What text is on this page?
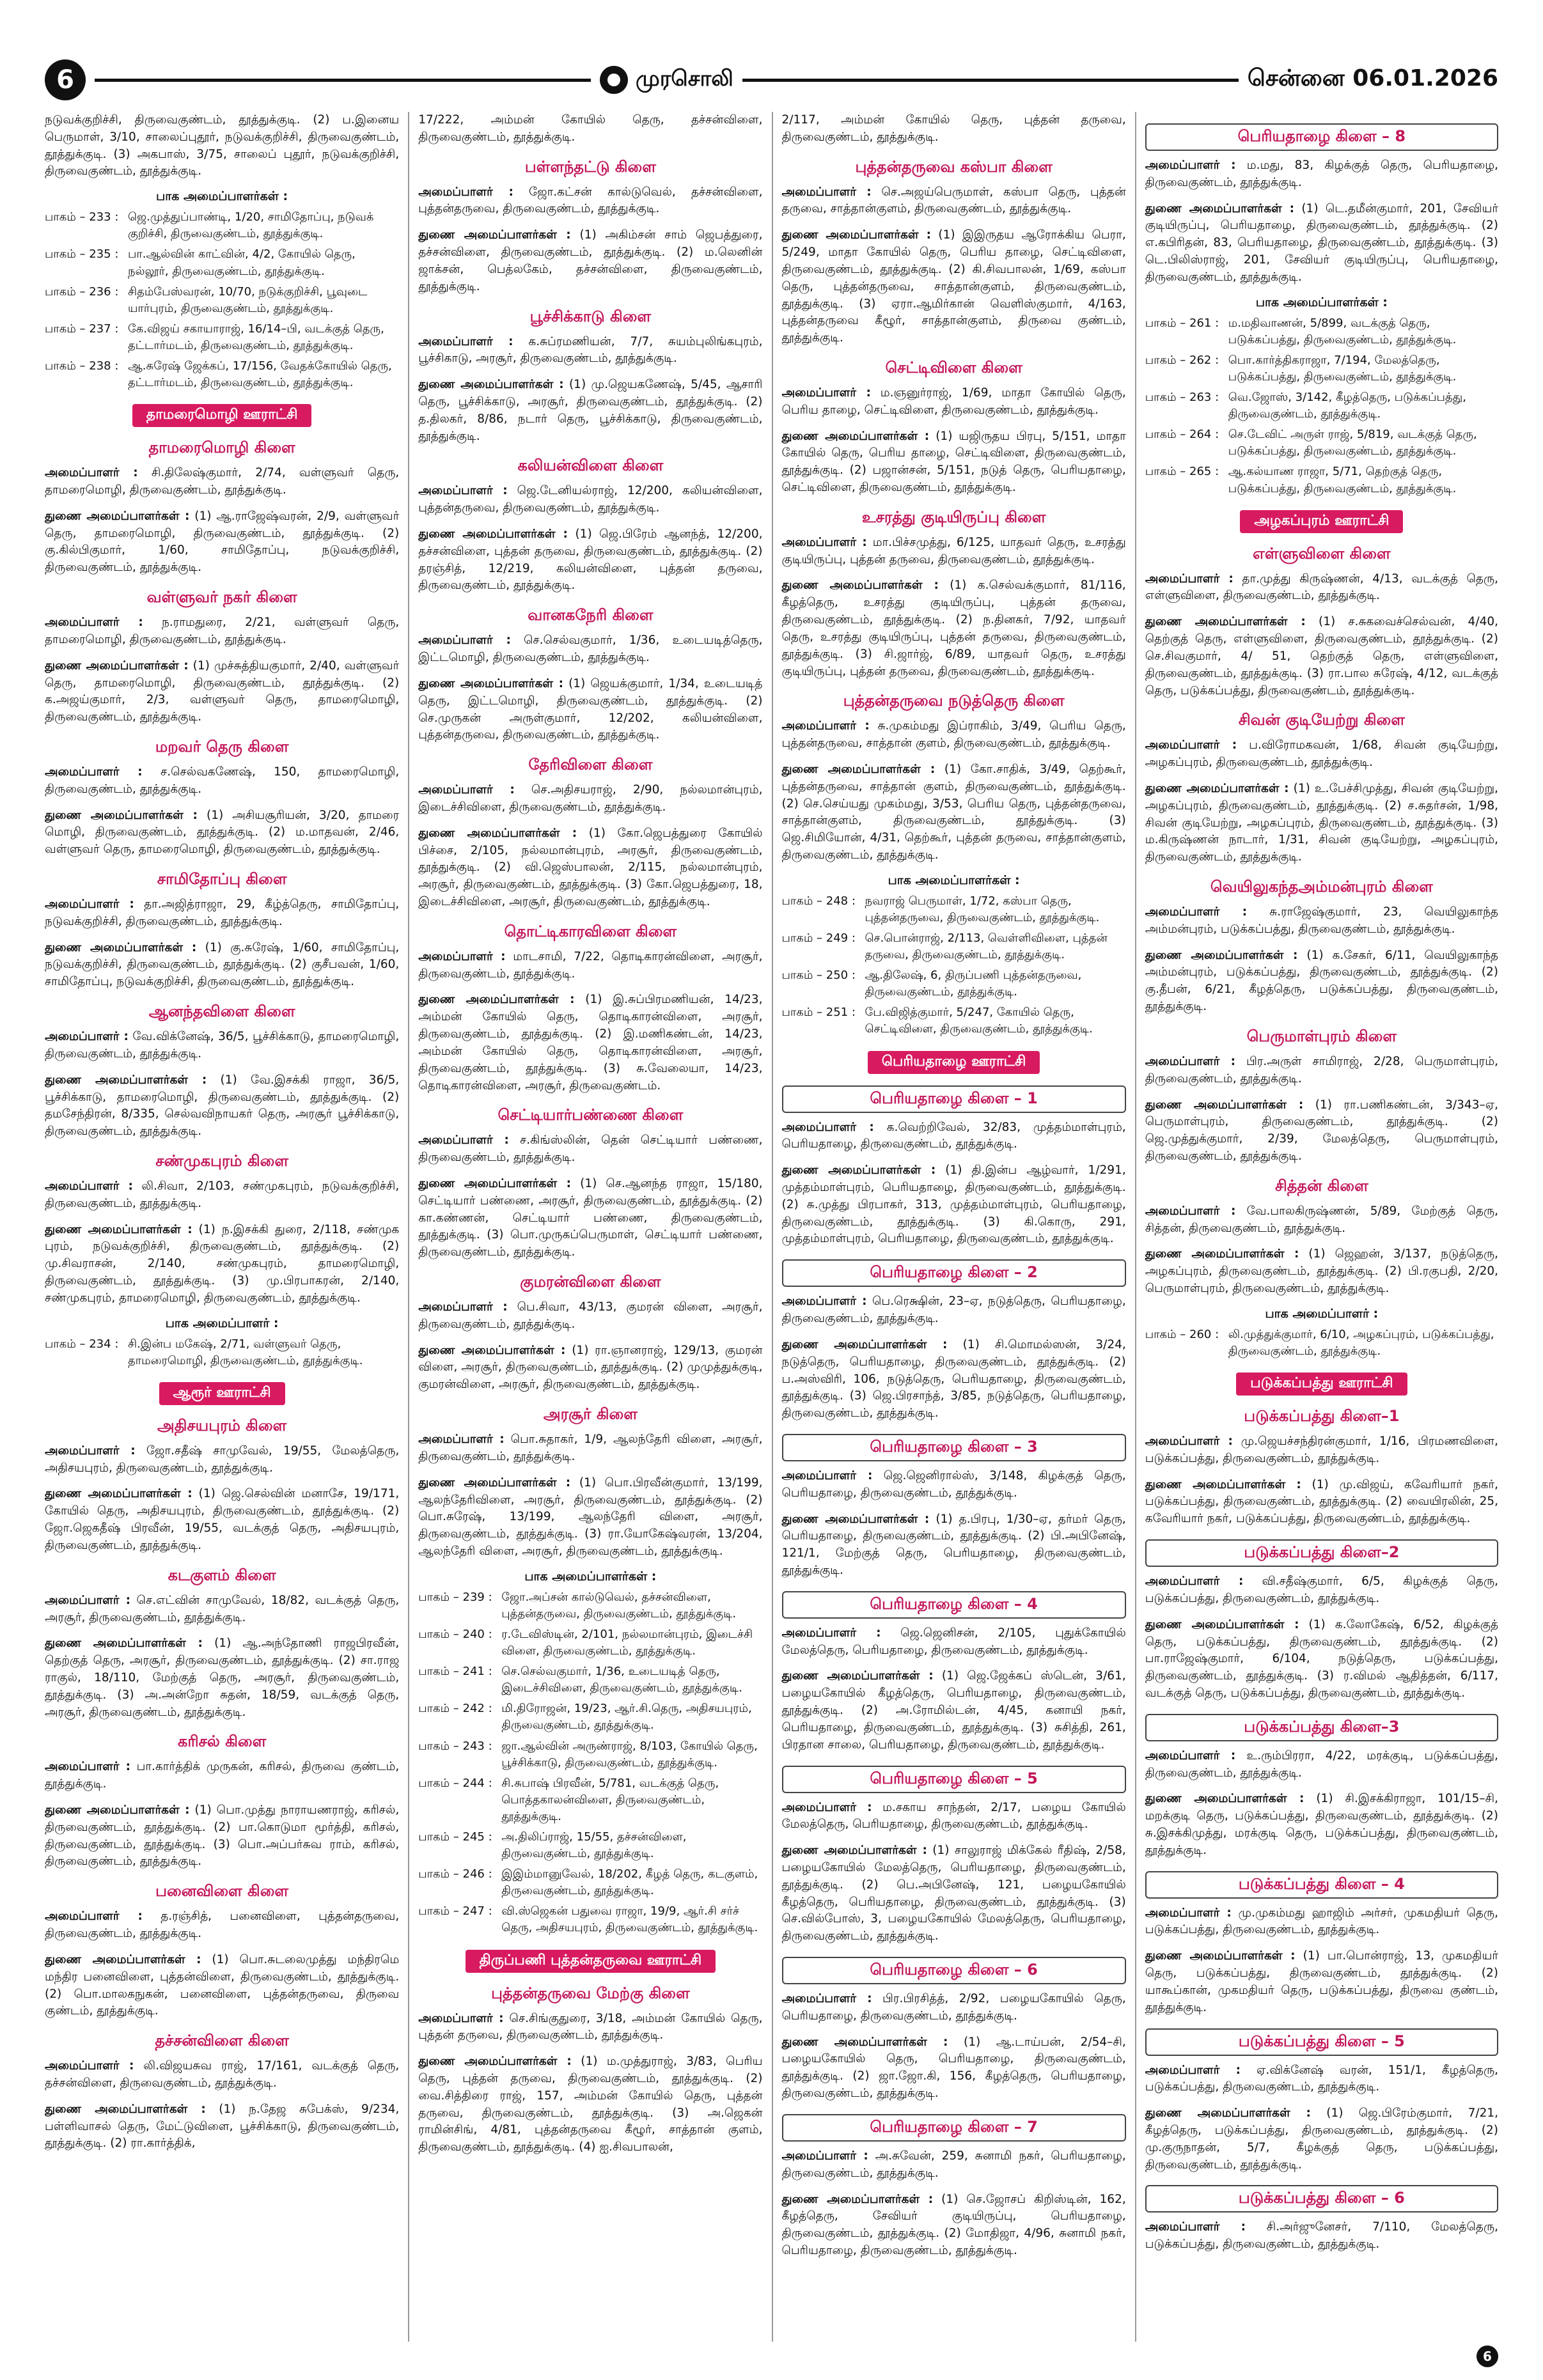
6	முரசொலி	சென்னை 06.01.2026

நடுவக்குறிச்சி, திருவைகுண்டம், தூத்துக்குடி. (2) ப.இனைய பெருமாள், 3/10, சாலைப்புதூர், நடுவக்குறிச்சி, திருவைகுண்டம், தூத்துக்குடி. (3) அகபாஸ், 3/75, சாலைப் புதூர், நடுவக்குறிச்சி, திருவைகுண்டம், தூத்துக்குடி.

பாக அமைப்பாளர்கள் :
பாகம் – 233 : ஜெ.முத்துப்பாண்டி, 1/20, சாமிதோப்பு, நடுவக் குறிச்சி, திருவைகுண்டம், தூத்துக்குடி.
பாகம் – 235 : பா.ஆல்வின் காட்வின், 4/2, கோயில் தெரு, நல்லூர், திருவைகுண்டம், தூத்துக்குடி.
பாகம் – 236 : சிதம்பேஸ்வரன், 10/70, நடுக்குறிச்சி, பூவுடை யார்புரம், திருவைகுண்டம், தூத்துக்குடி.
பாகம் – 237 : கே.விஜய் சகாயாராஜ், 16/14–பி, வடக்குத் தெரு, தட்டார்மடம், திருவைகுண்டம், தூத்துக்குடி.
பாகம் – 238 : ஆ.சுரேஷ் ஜேக்கப், 17/156, வேதக்கோயில் தெரு, தட்டார்மடம், திருவைகுண்டம், தூத்துக்குடி.
தாமரைமொழி ஊராட்சி
தாமரைமொழி கிளை

அமைப்பாளர் : சி.திலேஷ்குமார், 2/74, வள்ளுவர் தெரு, தாமரைமொழி, திருவைகுண்டம், தூத்துக்குடி.

துணை அமைப்பாளர்கள் : (1) ஆ.ராஜேஷ்வரன், 2/9, வள்ளுவர் தெரு, தாமரைமொழி, திருவைகுண்டம், தூத்துக்குடி. (2) கு.கில்பிகுமார், 1/60, சாமிதோப்பு, நடுவக்குறிச்சி, திருவைகுண்டம், தூத்துக்குடி.

வள்ளுவர் நகர் கிளை

அமைப்பாளர் : ந.ராமதுரை, 2/21, வள்ளுவர் தெரு, தாமரைமொழி, திருவைகுண்டம், தூத்துக்குடி.

துணை அமைப்பாளர்கள் : (1) முச்சுத்தியகுமார், 2/40, வள்ளுவர் தெரு, தாமரைமொழி, திருவைகுண்டம், தூத்துக்குடி. (2) க.அஜய்குமார், 2/3, வள்ளுவர் தெரு, தாமரைமொழி, திருவைகுண்டம், தூத்துக்குடி.

மறவர் தெரு கிளை

அமைப்பாளர் : ச.செல்வகணேஷ், 150, தாமரைமொழி, திருவைகுண்டம், தூத்துக்குடி.

துணை அமைப்பாளர்கள் : (1) அசியசூரியன், 3/20, தாமரை மொழி, திருவைகுண்டம், தூத்துக்குடி. (2) ம.மாதவன், 2/46, வள்ளுவர் தெரு, தாமரைமொழி, திருவைகுண்டம், தூத்துக்குடி.

சாமிதோப்பு கிளை

அமைப்பாளர் : தா.அஜித்ராஜா, 29, கீழ்த்தெரு, சாமிதோப்பு, நடுவக்குறிச்சி, திருவைகுண்டம், தூத்துக்குடி.

துணை அமைப்பாளர்கள் : (1) கு.சுரேஷ், 1/60, சாமிதோப்பு, நடுவக்குறிச்சி, திருவைகுண்டம், தூத்துக்குடி. (2) குசீபவன், 1/60, சாமிதோப்பு, நடுவக்குறிச்சி, திருவைகுண்டம், தூத்துக்குடி.

ஆனந்தவிளை கிளை

அமைப்பாளர் : வே.விக்னேஷ், 36/5, பூச்சிக்காடு, தாமரைமொழி, திருவைகுண்டம், தூத்துக்குடி.

துணை அமைப்பாளர்கள் : (1) வே.இசக்கி ராஜா, 36/5, பூச்சிக்காடு, தாமரைமொழி, திருவைகுண்டம், தூத்துக்குடி. (2) தமசேந்திரன், 8/335, செல்வவிநாயகர் தெரு, அரசூர் பூச்சிக்காடு, திருவைகுண்டம், தூத்துக்குடி.

சண்முகபுரம் கிளை

அமைப்பாளர் : லி.சிவா, 2/103, சண்முகபுரம், நடுவக்குறிச்சி, திருவைகுண்டம், தூத்துக்குடி.

துணை அமைப்பாளர்கள் : (1) ந.இசக்கி துரை, 2/118, சண்முக புரம், நடுவக்குறிச்சி, திருவைகுண்டம், தூத்துக்குடி. (2) மு.சிவராசன், 2/140, சண்முகபுரம், தாமரைமொழி, திருவைகுண்டம், தூத்துக்குடி. (3) மு.பிரபாகரன், 2/140, சண்முகபுரம், தாமரைமொழி, திருவைகுண்டம், தூத்துக்குடி.

பாக அமைப்பாளர் :
பாகம் – 234 : சி.இன்ப மகேஷ், 2/71, வள்ளுவர் தெரு, தாமரைமொழி, திருவைகுண்டம், தூத்துக்குடி.
ஆரூர் ஊராட்சி
அதிசயபுரம் கிளை

அமைப்பாளர் : ஜோ.சதீஷ் சாமுவேல், 19/55, மேலத்தெரு, அதிசயபுரம், திருவைகுண்டம், தூத்துக்குடி.

துணை அமைப்பாளர்கள் : (1) ஜெ.செல்வின் மனாசே, 19/171, கோயில் தெரு, அதிசயபுரம், திருவைகுண்டம், தூத்துக்குடி. (2) ஜோ.ஜெகதீஷ் பிரவீன், 19/55, வடக்குத் தெரு, அதிசயபுரம், திருவைகுண்டம், தூத்துக்குடி.

கடகுளம் கிளை

அமைப்பாளர் : செ.எட்வின் சாமுவேல், 18/82, வடக்குத் தெரு, அரசூர், திருவைகுண்டம், தூத்துக்குடி.

துணை அமைப்பாளர்கள் : (1) ஆ.அந்தோணி ராஜபிரவீன், தெற்குத் தெரு, அரசூர், திருவைகுண்டம், தூத்துக்குடி. (2) சா.ராஜ ராகுல், 18/110, மேற்குத் தெரு, அரசூர், திருவைகுண்டம், தூத்துக்குடி. (3) அ.அன்றோ சுதன், 18/59, வடக்குத் தெரு, அரசூர், திருவைகுண்டம், தூத்துக்குடி.

கரிசல் கிளை

அமைப்பாளர் : பா.கார்த்திக் முருகன், கரிசல், திருவை குண்டம், தூத்துக்குடி.

துணை அமைப்பாளர்கள் : (1) பொ.முத்து நாராயணராஜ், கரிசல், திருவைகுண்டம், தூத்துக்குடி. (2) பா.கொடுமா மூர்த்தி, கரிசல், திருவைகுண்டம், தூத்துக்குடி. (3) பொ.அப்பர்சுவ ராம், கரிசல், திருவைகுண்டம், தூத்துக்குடி.

பனைவிளை கிளை

அமைப்பாளர் : த.ரஞ்சித், பனைவிளை, புத்தன்தருவை, திருவைகுண்டம், தூத்துக்குடி.

துணை அமைப்பாளர்கள் : (1) பொ.சுடலைமுத்து மந்திரமெ மந்திர பனைவிளை, புத்தன்விளை, திருவைகுண்டம், தூத்துக்குடி. (2) பொ.மாலகநுகன், பனைவிளை, புத்தன்தருவை, திருவை குண்டம், தூத்துக்குடி.

தச்சன்விளை கிளை

அமைப்பாளர் : லி.விஜயசுவ ராஜ், 17/161, வடக்குத் தெரு, தச்சன்விளை, திருவைகுண்டம், தூத்துக்குடி.

துணை அமைப்பாளர்கள் : (1) ந.தேஜ சுபேக்ஸ், 9/234, பள்ளிவாசல் தெரு, மேட்டுவிளை, பூச்சிக்காடு, திருவைகுண்டம், தூத்துக்குடி. (2) ரா.கார்த்திக்,

17/222, அம்மன் கோயில் தெரு, தச்சன்விளை, திருவைகுண்டம், தூத்துக்குடி.

பள்ளந்தட்டு கிளை

அமைப்பாளர் : ஜோ.கட்சன் கால்டுவெல், தச்சன்விளை, புத்தன்தருவை, திருவைகுண்டம், தூத்துக்குடி.

துணை அமைப்பாளர்கள் : (1) அகிம்சன் சாம் ஜெபத்துரை, தச்சன்விளை, திருவைகுண்டம், தூத்துக்குடி. (2) ம.லெனின் ஜாக்சன், பெத்லகேம், தச்சன்விளை, திருவைகுண்டம், தூத்துக்குடி.

பூச்சிக்காடு கிளை

அமைப்பாளர் : க.சுப்ரமணியன், 7/7, சுயம்புலிங்கபுரம், பூச்சிகாடு, அரசூர், திருவைகுண்டம், தூத்துக்குடி.

துணை அமைப்பாளர்கள் : (1) மு.ஜெயகணேஷ், 5/45, ஆசாரி தெரு, பூச்சிக்காடு, அரசூர், திருவைகுண்டம், தூத்துக்குடி. (2) த.திலகர், 8/86, நடார் தெரு, பூச்சிக்காடு, திருவைகுண்டம், தூத்துக்குடி.

கலியன்விளை கிளை

அமைப்பாளர் : ஜெ.டேனியல்ராஜ், 12/200, கலியன்விளை, புத்தன்தருவை, திருவைகுண்டம், தூத்துக்குடி.

துணை அமைப்பாளர்கள் : (1) ஜெ.பிரேம் ஆனந்த், 12/200, தச்சன்விளை, புத்தன் தருவை, திருவைகுண்டம், தூத்துக்குடி. (2) தரஞ்சித், 12/219, கலியன்விளை, புத்தன் தருவை, திருவைகுண்டம், தூத்துக்குடி.

வானகநேரி கிளை

அமைப்பாளர் : செ.செல்வகுமார், 1/36, உடையடித்தெரு, இட்டமொழி, திருவைகுண்டம், தூத்துக்குடி.

துணை அமைப்பாளர்கள் : (1) ஜெயக்குமார், 1/34, உடையடித் தெரு, இட்டமொழி, திருவைகுண்டம், தூத்துக்குடி. (2) செ.முருகன் அருள்குமார், 12/202, கலியன்விளை, புத்தன்தருவை, திருவைகுண்டம், தூத்துக்குடி.

தேரிவிளை கிளை

அமைப்பாளர் : செ.அதிசயராஜ், 2/90, நல்லமான்புரம், இடைச்சிவிளை, திருவைகுண்டம், தூத்துக்குடி.

துணை அமைப்பாளர்கள் : (1) கோ.ஜெபத்துரை கோயில் பிச்சை, 2/105, நல்லமான்புரம், அரசூர், திருவைகுண்டம், தூத்துக்குடி. (2) வி.ஜெஸ்பாலன், 2/115, நல்லமான்புரம், அரசூர், திருவைகுண்டம், தூத்துக்குடி. (3) கோ.ஜெபத்துரை, 18, இடைச்சிவிளை, அரசூர், திருவைகுண்டம், தூத்துக்குடி.

தொட்டிகாரவிளை கிளை

அமைப்பாளர் : மாடசாமி, 7/22, தொடிகாரன்விளை, அரசூர், திருவைகுண்டம், தூத்துக்குடி.

துணை அமைப்பாளர்கள் : (1) இ.சுப்பிரமணியன், 14/23, அம்மன் கோயில் தெரு, தொடிகாரன்விளை, அரசூர், திருவைகுண்டம், தூத்துக்குடி. (2) இ.மணிகண்டன், 14/23, அம்மன் கோயில் தெரு, தொடிகாரன்விளை, அரசூர், திருவைகுண்டம், தூத்துக்குடி. (3) சு.வேலையா, 14/23, தொடிகாரன்விளை, அரசூர், திருவைகுண்டம்.

செட்டியார்பண்ணை கிளை

அமைப்பாளர் : ச.கிங்ஸ்லின், தென் செட்டியார் பண்ணை, திருவைகுண்டம், தூத்துக்குடி.

துணை அமைப்பாளர்கள் : (1) செ.ஆனந்த ராஜா, 15/180, செட்டியார் பண்ணை, அரசூர், திருவைகுண்டம், தூத்துக்குடி. (2) கா.கண்ணன், செட்டியார் பண்ணை, திருவைகுண்டம், தூத்துக்குடி. (3) பொ.முருகப்பெருமாள், செட்டியார் பண்ணை, திருவைகுண்டம், தூத்துக்குடி.

குமரன்விளை கிளை

அமைப்பாளர் : பெ.சிவா, 43/13, குமரன் விளை, அரசூர், திருவைகுண்டம், தூத்துக்குடி.

துணை அமைப்பாளர்கள் : (1) ரா.ஞானராஜ், 129/13, குமரன் விளை, அரசூர், திருவைகுண்டம், தூத்துக்குடி. (2) முமுத்துக்குடி, குமரன்விளை, அரசூர், திருவைகுண்டம், தூத்துக்குடி.

அரசூர் கிளை

அமைப்பாளர் : பொ.சுதாகர், 1/9, ஆலந்தேரி விளை, அரசூர், திருவைகுண்டம், தூத்துக்குடி.

துணை அமைப்பாளர்கள் : (1) பொ.பிரவீன்குமார், 13/199, ஆலந்தேரிவிளை, அரசூர், திருவைகுண்டம், தூத்துக்குடி. (2) பொ.சுரேஷ், 13/199, ஆலந்தேரி விளை, அரசூர், திருவைகுண்டம், தூத்துக்குடி. (3) ரா.யோகேஷ்வரன், 13/204, ஆலந்தேரி விளை, அரசூர், திருவைகுண்டம், தூத்துக்குடி.

பாக அமைப்பாளர்கள் :
பாகம் – 239 : ஜோ.அப்சன் கால்டுவெல், தச்சன்விளை, புத்தன்தருவை, திருவைகுண்டம், தூத்துக்குடி.
பாகம் – 240 : ர.டேவிஸ்டின், 2/101, நல்லமான்புரம், இடைச்சி விளை, திருவைகுண்டம், தூத்துக்குடி.
பாகம் – 241 : செ.செல்வகுமார், 1/36, உடையடித் தெரு, இடைச்சிவிளை, திருவைகுண்டம், தூத்துக்குடி.
பாகம் – 242 : மி.திரோஜன், 19/23, ஆர்.சி.தெரு, அதிசயபுரம், திருவைகுண்டம், தூத்துக்குடி.
பாகம் – 243 : ஜா.ஆல்வின் அருண்ராஜ், 8/103, கோயில் தெரு, பூச்சிக்காடு, திருவைகுண்டம், தூத்துக்குடி.
பாகம் – 244 : சி.சுபாஷ் பிரவீன், 5/781, வடக்குத் தெரு, பொத்தகாலன்விளை, திருவைகுண்டம், தூத்துக்குடி.
பாகம் – 245 : அ.திலிப்ராஜ், 15/55, தச்சன்விளை, திருவைகுண்டம், தூத்துக்குடி.
பாகம் – 246 : இஇம்மானுவேல், 18/202, கீழத் தெரு, கடகுளம், திருவைகுண்டம், தூத்துக்குடி.
பாகம் – 247 : வி.ஸ்ஜெகன் பதுவை ராஜா, 19/9, ஆர்.சி சர்ச் தெரு, அதிசயபுரம், திருவைகுண்டம், தூத்துக்குடி.
திருப்பணி புத்தன்தருவை ஊராட்சி
புத்தன்தருவை மேற்கு கிளை

அமைப்பாளர் : செ.சிங்குதுரை, 3/18, அம்மன் கோயில் தெரு, புத்தன் தருவை, திருவைகுண்டம், தூத்துக்குடி.

துணை அமைப்பாளர்கள் : (1) ம.முத்துராஜ், 3/83, பெரிய தெரு, புத்தன் தருவை, திருவைகுண்டம், தூத்துக்குடி. (2) வை.சித்திரை ராஜ், 157, அம்மன் கோயில் தெரு, புத்தன் தருவை, திருவைகுண்டம், தூத்துக்குடி. (3) அ.ஜெகன் ராமின்சிங், 4/81, புத்தன்தருவை கீழூர், சாத்தான் குளம், திருவைகுண்டம், தூத்துக்குடி. (4) ஐ.சிவபாலன்,

2/117, அம்மன் கோயில் தெரு, புத்தன் தருவை, திருவைகுண்டம், தூத்துக்குடி.

புத்தன்தருவை கஸ்பா கிளை

அமைப்பாளர் : செ.அஜய்பெருமாள், கஸ்பா தெரு, புத்தன் தருவை, சாத்தான்குளம், திருவைகுண்டம், தூத்துக்குடி.

துணை அமைப்பாளர்கள் : (1) இஇருதய ஆரோக்கிய பெரா, 5/249, மாதா கோயில் தெரு, பெரிய தாழை, செட்டிவிளை, திருவைகுண்டம், தூத்துக்குடி. (2) கி.சிவபாலன், 1/69, கஸ்பா தெரு, புத்தன்தருவை, சாத்தான்குளம், திருவைகுண்டம், தூத்துக்குடி. (3) ஏரா.ஆமிர்கான் வெளிஸ்குமார், 4/163, புத்தன்தருவை கீழூர், சாத்தான்குளம், திருவை குண்டம், தூத்துக்குடி.

செட்டிவிளை கிளை

அமைப்பாளர் : ம.ஞனுர்ராஜ், 1/69, மாதா கோயில் தெரு, பெரிய தாழை, செட்டிவிளை, திருவைகுண்டம், தூத்துக்குடி.

துணை அமைப்பாளர்கள் : (1) யஜிருதய பிரபு, 5/151, மாதா கோயில் தெரு, பெரிய தாழை, செட்டிவிளை, திருவைகுண்டம், தூத்துக்குடி. (2) பஜான்சன், 5/151, நடுத் தெரு, பெரியதாழை, செட்டிவிளை, திருவைகுண்டம், தூத்துக்குடி.

உசரத்து குடியிருப்பு கிளை

அமைப்பாளர் : மா.பிச்சமுத்து, 6/125, யாதவர் தெரு, உசரத்து குடியிருப்பு, புத்தன் தருவை, திருவைகுண்டம், தூத்துக்குடி.

துணை அமைப்பாளர்கள் : (1) க.செல்வக்குமார், 81/116, கீழத்தெரு, உசரத்து குடியிருப்பு, புத்தன் தருவை, திருவைகுண்டம், தூத்துக்குடி. (2) ந.தினகர், 7/92, யாதவர் தெரு, உசரத்து குடியிருப்பு, புத்தன் தருவை, திருவைகுண்டம், தூத்துக்குடி. (3) சி.ஜார்ஜ், 6/89, யாதவர் தெரு, உசரத்து குடியிருப்பு, புத்தன் தருவை, திருவைகுண்டம், தூத்துக்குடி.

புத்தன்தருவை நடுத்தெரு கிளை

அமைப்பாளர் : சு.முகம்மது இப்ராகிம், 3/49, பெரிய தெரு, புத்தன்தருவை, சாத்தான் குளம், திருவைகுண்டம், தூத்துக்குடி.

துணை அமைப்பாளர்கள் : (1) கோ.சாதிக், 3/49, தெற்கூர், புத்தன்தருவை, சாத்தான் குளம், திருவைகுண்டம், தூத்துக்குடி. (2) செ.செய்யது முகம்மது, 3/53, பெரிய தெரு, புத்தன்தருவை, சாத்தான்குளம், திருவைகுண்டம், தூத்துக்குடி. (3) ஜெ.சிமியோன், 4/31, தெற்கூர், புத்தன் தருவை, சாத்தான்குளம், திருவைகுண்டம், தூத்துக்குடி.

பாக அமைப்பாளர்கள் :
பாகம் – 248 : நவராஜ் பெருமாள், 1/72, கஸ்பா தெரு, புத்தன்தருவை, திருவைகுண்டம், தூத்துக்குடி.
பாகம் – 249 : செ.பொன்ராஜ், 2/113, வெள்ளிவிளை, புத்தன் தருவை, திருவைகுண்டம், தூத்துக்குடி.
பாகம் – 250 : ஆ.திலேஷ், 6, திருப்பணி புத்தன்தருவை, திருவைகுண்டம், தூத்துக்குடி.
பாகம் – 251 : பே.விஜித்குமார், 5/247, கோயில் தெரு, செட்டிவிளை, திருவைகுண்டம், தூத்துக்குடி.
பெரியதாழை ஊராட்சி
பெரியதாழை கிளை – 1

அமைப்பாளர் : க.வெற்றிவேல், 32/83, முத்தம்மாள்புரம், பெரியதாழை, திருவைகுண்டம், தூத்துக்குடி.

துணை அமைப்பாளர்கள் : (1) தி.இன்ப ஆழ்வார், 1/291, முத்தம்மாள்புரம், பெரியதாழை, திருவைகுண்டம், தூத்துக்குடி. (2) சு.முத்து பிரபாகர், 313, முத்தம்மாள்புரம், பெரியதாழை, திருவைகுண்டம், தூத்துக்குடி. (3) கி.கொரு, 291, முத்தம்மாள்புரம், பெரியதாழை, திருவைகுண்டம், தூத்துக்குடி.

பெரியதாழை கிளை – 2

அமைப்பாளர் : பெ.ரெக்ஷின், 23–ஏ, நடுத்தெரு, பெரியதாழை, திருவைகுண்டம், தூத்துக்குடி.

துணை அமைப்பாளர்கள் : (1) சி.மொமல்ஸன், 3/24, நடுத்தெரு, பெரியதாழை, திருவைகுண்டம், தூத்துக்குடி. (2) ப.அஸ்விரி, 106, நடுத்தெரு, பெரியதாழை, திருவைகுண்டம், தூத்துக்குடி. (3) ஜெ.பிரசாந்த், 3/85, நடுத்தெரு, பெரியதாழை, திருவைகுண்டம், தூத்துக்குடி.

பெரியதாழை கிளை – 3

அமைப்பாளர் : ஜெ.ஜெனிரால்ஸ், 3/148, கிழக்குத் தெரு, பெரியதாழை, திருவைகுண்டம், தூத்துக்குடி.

துணை அமைப்பாளர்கள் : (1) த.பிரபு, 1/30–ஏ, தர்மர் தெரு, பெரியதாழை, திருவைகுண்டம், தூத்துக்குடி. (2) பி.அபினேஷ், 121/1, மேற்குத் தெரு, பெரியதாழை, திருவைகுண்டம், தூத்துக்குடி.

பெரியதாழை கிளை – 4

அமைப்பாளர் : ஜெ.ஜெனிசன், 2/105, புதுக்கோயில் மேலத்தெரு, பெரியதாழை, திருவைகுண்டம், தூத்துக்குடி.

துணை அமைப்பாளர்கள் : (1) ஜெ.ஜேக்கப் ஸ்டென், 3/61, பழையகோயில் கீழத்தெரு, பெரியதாழை, திருவைகுண்டம், தூத்துக்குடி. (2) அ.ரோமில்டன், 4/45, கனாயி நகர், பெரியதாழை, திருவைகுண்டம், தூத்துக்குடி. (3) சுசித்தி, 261, பிரதான சாலை, பெரியதாழை, திருவைகுண்டம், தூத்துக்குடி.

பெரியதாழை கிளை – 5

அமைப்பாளர் : ம.சகாய சாந்தன், 2/17, பழைய கோயில் மேலத்தெரு, பெரியதாழை, திருவைகுண்டம், தூத்துக்குடி.

துணை அமைப்பாளர்கள் : (1) சாலுராஜ் மிக்கேல் ரீதிஷ், 2/58, பழையகோயில் மேலத்தெரு, பெரியதாழை, திருவைகுண்டம், தூத்துக்குடி. (2) பெ.அபினேஷ், 121, பழையகோயில் கீழத்தெரு, பெரியதாழை, திருவைகுண்டம், தூத்துக்குடி. (3) செ.வில்போஸ், 3, பழையகோயில் மேலத்தெரு, பெரியதாழை, திருவைகுண்டம், தூத்துக்குடி.

பெரியதாழை கிளை – 6

அமைப்பாளர் : பிர.பிரசித்த், 2/92, பழையகோயில் தெரு, பெரியதாழை, திருவைகுண்டம், தூத்துக்குடி.

துணை அமைப்பாளர்கள் : (1) ஆ.டாய்பன், 2/54–சி, பழையகோயில் தெரு, பெரியதாழை, திருவைகுண்டம், தூத்துக்குடி. (2) ஜா.ஜோ.கி, 156, கீழத்தெரு, பெரியதாழை, திருவைகுண்டம், தூத்துக்குடி.

பெரியதாழை கிளை – 7

அமைப்பாளர் : அ.சுவேன், 259, சுனாமி நகர், பெரியதாழை, திருவைகுண்டம், தூத்துக்குடி.

துணை அமைப்பாளர்கள் : (1) செ.ஜோசப் கிறிஸ்டின், 162, கீழத்தெரு, சேவியர் குடியிருப்பு, பெரியதாழை, திருவைகுண்டம், தூத்துக்குடி. (2) மோதிஜா, 4/96, சுனாமி நகர், பெரியதாழை, திருவைகுண்டம், தூத்துக்குடி.

பெரியதாழை கிளை – 8

அமைப்பாளர் : ம.மது, 83, கிழக்குத் தெரு, பெரியதாழை, திருவைகுண்டம், தூத்துக்குடி.

துணை அமைப்பாளர்கள் : (1) டெ.தமீன்குமார், 201, சேவியர் குடியிருப்பு, பெரியதாழை, திருவைகுண்டம், தூத்துக்குடி. (2) எ.கபிரிதன், 83, பெரியதாழை, திருவைகுண்டம், தூத்துக்குடி. (3) டெ.பிலிஸ்ராஜ், 201, சேவியர் குடியிருப்பு, பெரியதாழை, திருவைகுண்டம், தூத்துக்குடி.

பாக அமைப்பாளர்கள் :
பாகம் – 261 : ம.மதிவாணன், 5/899, வடக்குத் தெரு, படுக்கப்பத்து, திருவைகுண்டம், தூத்துக்குடி.
பாகம் – 262 : பொ.கார்த்திகராஜா, 7/194, மேலத்தெரு, படுக்கப்பத்து, திருவைகுண்டம், தூத்துக்குடி.
பாகம் – 263 : வெ.ஜோஸ், 3/142, கீழத்தெரு, படுக்கப்பத்து, திருவைகுண்டம், தூத்துக்குடி.
பாகம் – 264 : செ.டேவிட் அருள் ராஜ், 5/819, வடக்குத் தெரு, படுக்கப்பத்து, திருவைகுண்டம், தூத்துக்குடி.
பாகம் – 265 : ஆ.கல்யாண ராஜா, 5/71, தெற்குத் தெரு, படுக்கப்பத்து, திருவைகுண்டம், தூத்துக்குடி.
அழகப்புரம் ஊராட்சி
எள்ளுவிளை கிளை

அமைப்பாளர் : தா.முத்து கிருஷ்ணன், 4/13, வடக்குத் தெரு, எள்ளுவிளை, திருவைகுண்டம், தூத்துக்குடி.

துணை அமைப்பாளர்கள் : (1) ச.சுகவைச்செல்வன், 4/40, தெற்குத் தெரு, எள்ளுவிளை, திருவைகுண்டம், தூத்துக்குடி. (2) செ.சிவகுமார், 4/ 51, தெற்குத் தெரு, எள்ளுவிளை, திருவைகுண்டம், தூத்துக்குடி. (3) ரா.பால சுரேஷ், 4/12, வடக்குத் தெரு, படுக்கப்பத்து, திருவைகுண்டம், தூத்துக்குடி.

சிவன் குடியேற்று கிளை

அமைப்பாளர் : ப.விரோமகவன், 1/68, சிவன் குடியேற்று, அழகப்புரம், திருவைகுண்டம், தூத்துக்குடி.

துணை அமைப்பாளர்கள் : (1) உ.பேச்சிமுத்து, சிவன் குடியேற்று, அழகப்புரம், திருவைகுண்டம், தூத்துக்குடி. (2) ச.சுதர்சன், 1/98, சிவன் குடியேற்று, அழகப்புரம், திருவைகுண்டம், தூத்துக்குடி. (3) ம.கிருஷ்ணன் நாடார், 1/31, சிவன் குடியேற்று, அழகப்புரம், திருவைகுண்டம், தூத்துக்குடி.

வெயிலுகந்தஅம்மன்புரம் கிளை

அமைப்பாளர் : சு.ராஜேஷ்குமார், 23, வெயிலுகாந்த அம்மன்புரம், படுக்கப்பத்து, திருவைகுண்டம், தூத்துக்குடி.

துணை அமைப்பாளர்கள் : (1) க.சேகர், 6/11, வெயிலுகாந்த அம்மன்புரம், படுக்கப்பத்து, திருவைகுண்டம், தூத்துக்குடி. (2) கு.தீபன், 6/21, கீழத்தெரு, படுக்கப்பத்து, திருவைகுண்டம், தூத்துக்குடி.

பெருமாள்புரம் கிளை

அமைப்பாளர் : பிர.அருள் சாமிராஜ், 2/28, பெருமாள்புரம், திருவைகுண்டம், தூத்துக்குடி.

துணை அமைப்பாளர்கள் : (1) ரா.பணிகண்டன், 3/343–ஏ, பெருமாள்புரம், திருவைகுண்டம், தூத்துக்குடி. (2) ஜெ.முத்துக்குமார், 2/39, மேலத்தெரு, பெருமாள்புரம், திருவைகுண்டம், தூத்துக்குடி.

சித்தன் கிளை

அமைப்பாளர் : வே.பாலகிருஷ்ணன், 5/89, மேற்குத் தெரு, சித்தன், திருவைகுண்டம், தூத்துக்குடி.

துணை அமைப்பாளர்கள் : (1) ஜெஹன், 3/137, நடுத்தெரு, அழகப்புரம், திருவைகுண்டம், தூத்துக்குடி. (2) பி.ரகுபதி, 2/20, பெருமாள்புரம், திருவைகுண்டம், தூத்துக்குடி.

பாக அமைப்பாளர் :
பாகம் – 260 : லி.முத்துக்குமார், 6/10, அழகப்புரம், படுக்கப்பத்து, திருவைகுண்டம், தூத்துக்குடி.
படுக்கப்பத்து ஊராட்சி
படுக்கப்பத்து கிளை–1

அமைப்பாளர் : மு.ஜெயச்சந்திரன்குமார், 1/16, பிரமணவிளை, படுக்கப்பத்து, திருவைகுண்டம், தூத்துக்குடி.

துணை அமைப்பாளர்கள் : (1) மு.விஜய், கவேரியார் நகர், படுக்கப்பத்து, திருவைகுண்டம், தூத்துக்குடி. (2) வையிரலின், 25, கவேரியார் நகர், படுக்கப்பத்து, திருவைகுண்டம், தூத்துக்குடி.

படுக்கப்பத்து கிளை–2

அமைப்பாளர் : வி.சதீஷ்குமார், 6/5, கிழக்குத் தெரு, படுக்கப்பத்து, திருவைகுண்டம், தூத்துக்குடி.

துணை அமைப்பாளர்கள் : (1) க.லோகேஷ், 6/52, கிழக்குத் தெரு, படுக்கப்பத்து, திருவைகுண்டம், தூத்துக்குடி. (2) பா.ராஜேஷ்குமார், 6/104, நடுத்தெரு, படுக்கப்பத்து, திருவைகுண்டம், தூத்துக்குடி. (3) ர.விமல் ஆதித்தன், 6/117, வடக்குத் தெரு, படுக்கப்பத்து, திருவைகுண்டம், தூத்துக்குடி.

படுக்கப்பத்து கிளை–3

அமைப்பாளர் : உ.ரும்பிரரா, 4/22, மரக்குடி, படுக்கப்பத்து, திருவைகுண்டம், தூத்துக்குடி.

துணை அமைப்பாளர்கள் : (1) சி.இசக்கிராஜா, 101/15–சி, மறக்குடி தெரு, படுக்கப்பத்து, திருவைகுண்டம், தூத்துக்குடி. (2) சு.இசக்கிமுத்து, மரக்குடி தெரு, படுக்கப்பத்து, திருவைகுண்டம், தூத்துக்குடி.

படுக்கப்பத்து கிளை – 4

அமைப்பாளர் : மு.முகம்மது ஹாஜிம் அர்சர், முகமதியர் தெரு, படுக்கப்பத்து, திருவைகுண்டம், தூத்துக்குடி.

துணை அமைப்பாளர்கள் : (1) பா.பொன்ராஜ், 13, முகமதியர் தெரு, படுக்கப்பத்து, திருவைகுண்டம், தூத்துக்குடி. (2) யாகூப்கான், முகமதியர் தெரு, படுக்கப்பத்து, திருவை குண்டம், தூத்துக்குடி.

படுக்கப்பத்து கிளை – 5

அமைப்பாளர் : ஏ.விக்னேஷ் வரன், 151/1, கீழத்தெரு, படுக்கப்பத்து, திருவைகுண்டம், தூத்துக்குடி.

துணை அமைப்பாளர்கள் : (1) ஜெ.பிரேம்குமார், 7/21, கீழத்தெரு, படுக்கப்பத்து, திருவைகுண்டம், தூத்துக்குடி. (2) மு.குருநாதன், 5/7, கீழக்குத் தெரு, படுக்கப்பத்து, திருவைகுண்டம், தூத்துக்குடி.

படுக்கப்பத்து கிளை – 6

அமைப்பாளர் : சி.அர்ஜுனேசர், 7/110, மேலத்தெரு, படுக்கப்பத்து, திருவைகுண்டம், தூத்துக்குடி.

6
